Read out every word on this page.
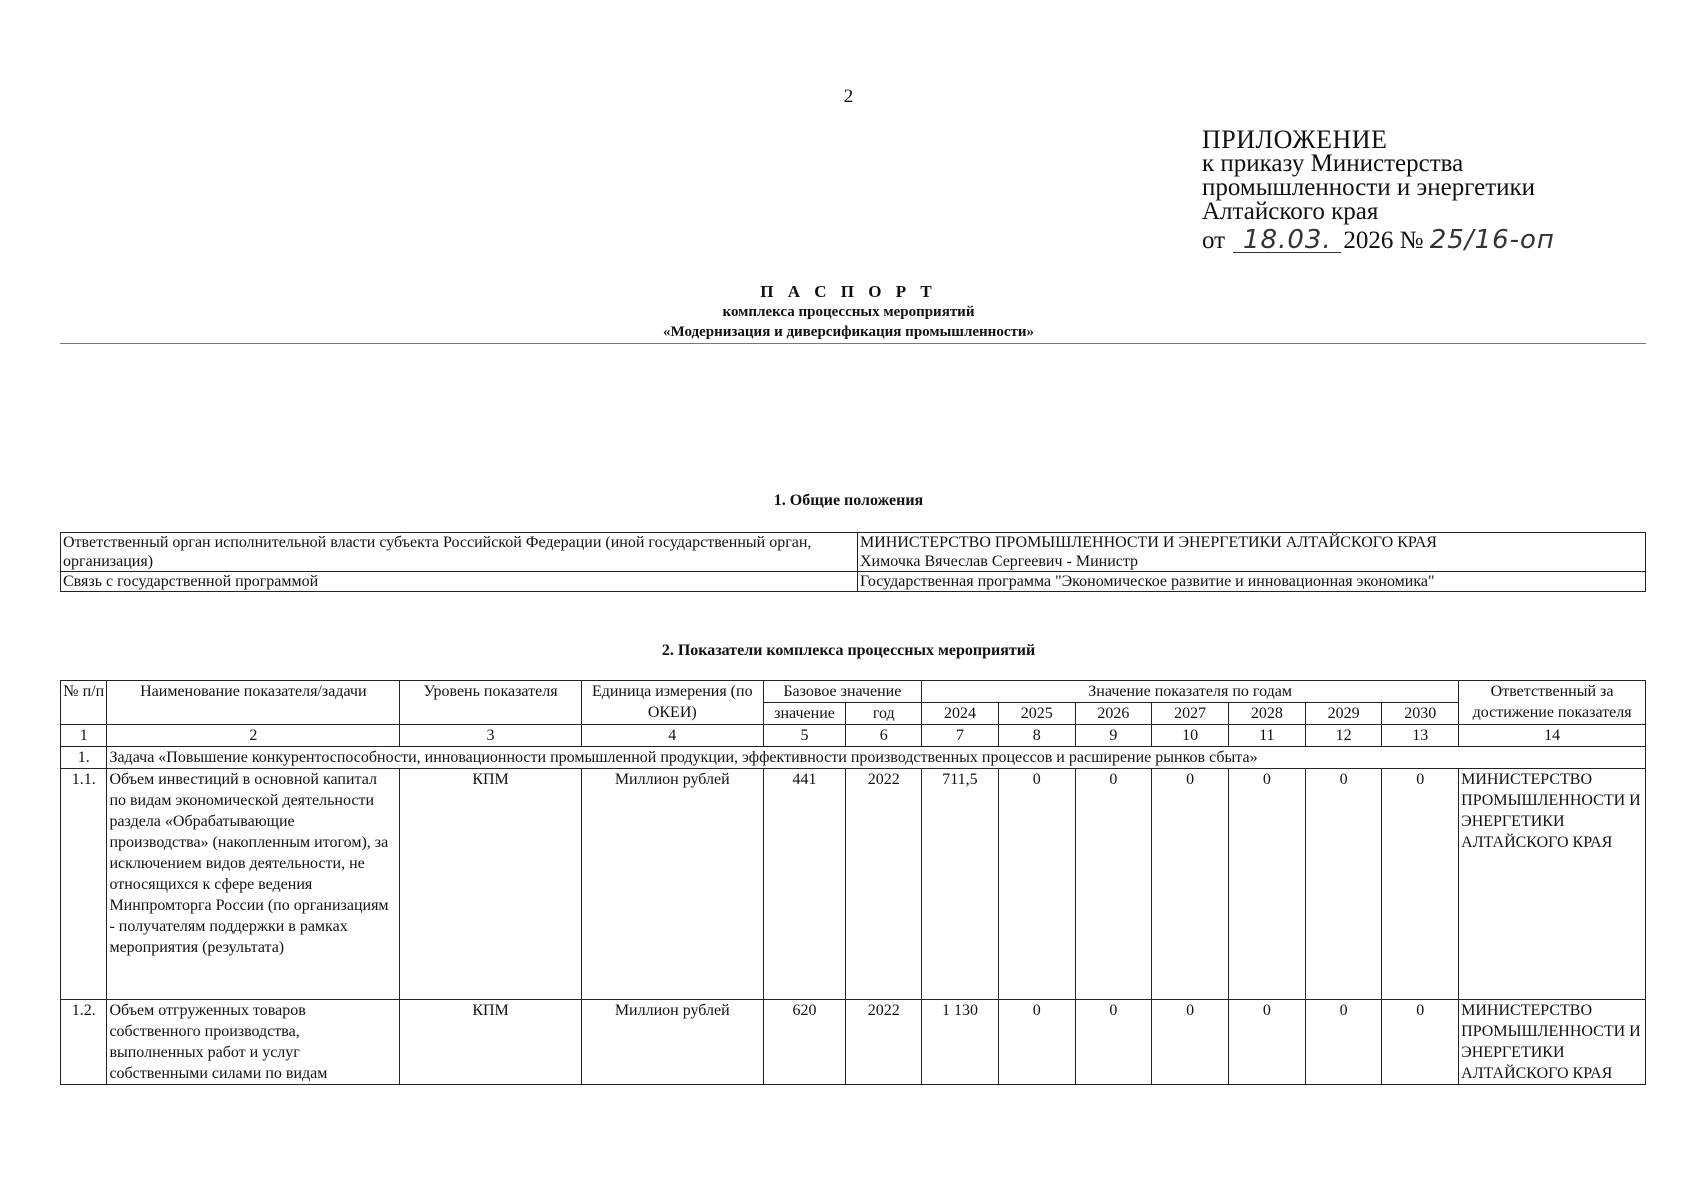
2
ПРИЛОЖЕНИЕ
к приказу Министерства
промышленности и энергетики
Алтайского края
от 18.03. 2026 № 25/16-оп
П А С П О Р Т
комплекса процессных мероприятий
«Модернизация и диверсификация промышленности»
1. Общие положения
Ответственный орган исполнительной власти субъекта Российской Федерации (иной государственный орган, организация)	МИНИСТЕРСТВО ПРОМЫШЛЕННОСТИ И ЭНЕРГЕТИКИ АЛТАЙСКОГО КРАЯ
Химочка Вячеслав Сергеевич - Министр

Связь с государственной программой	Государственная программа "Экономическое развитие и инновационная экономика"
2. Показатели комплекса процессных мероприятий
№ п/п	Наименование показателя/задачи	Уровень показателя	Единица измерения (по ОКЕИ)	Базовое значение		Значение показателя по годам							Ответственный за достижение показателя
				значение	год	2024	2025	2026	2027	2028	2029	2030	
1	2	3	4	5	6	7	8	9	10	11	12	13	14
1.	Задача «Повышение конкурентоспособности, инновационности промышленной продукции, эффективности производственных процессов и расширение рынков сбыта»												
1.1.	Объем инвестиций в основной капитал по видам экономической деятельности раздела «Обрабатывающие производства» (накопленным итогом), за исключением видов деятельности, не относящихся к сфере ведения Минпромторга России (по организациям - получателям поддержки в рамках мероприятия (результата)	КПМ	Миллион рублей	441	2022	711,5	0	0	0	0	0	0	МИНИСТЕРСТВО ПРОМЫШЛЕННОСТИ И ЭНЕРГЕТИКИ АЛТАЙСКОГО КРАЯ
1.2.	Объем отгруженных товаров собственного производства, выполненных работ и услуг собственными силами по видам	КПМ	Миллион рублей	620	2022	1 130	0	0	0	0	0	0	МИНИСТЕРСТВО ПРОМЫШЛЕННОСТИ И ЭНЕРГЕТИКИ АЛТАЙСКОГО КРАЯ
